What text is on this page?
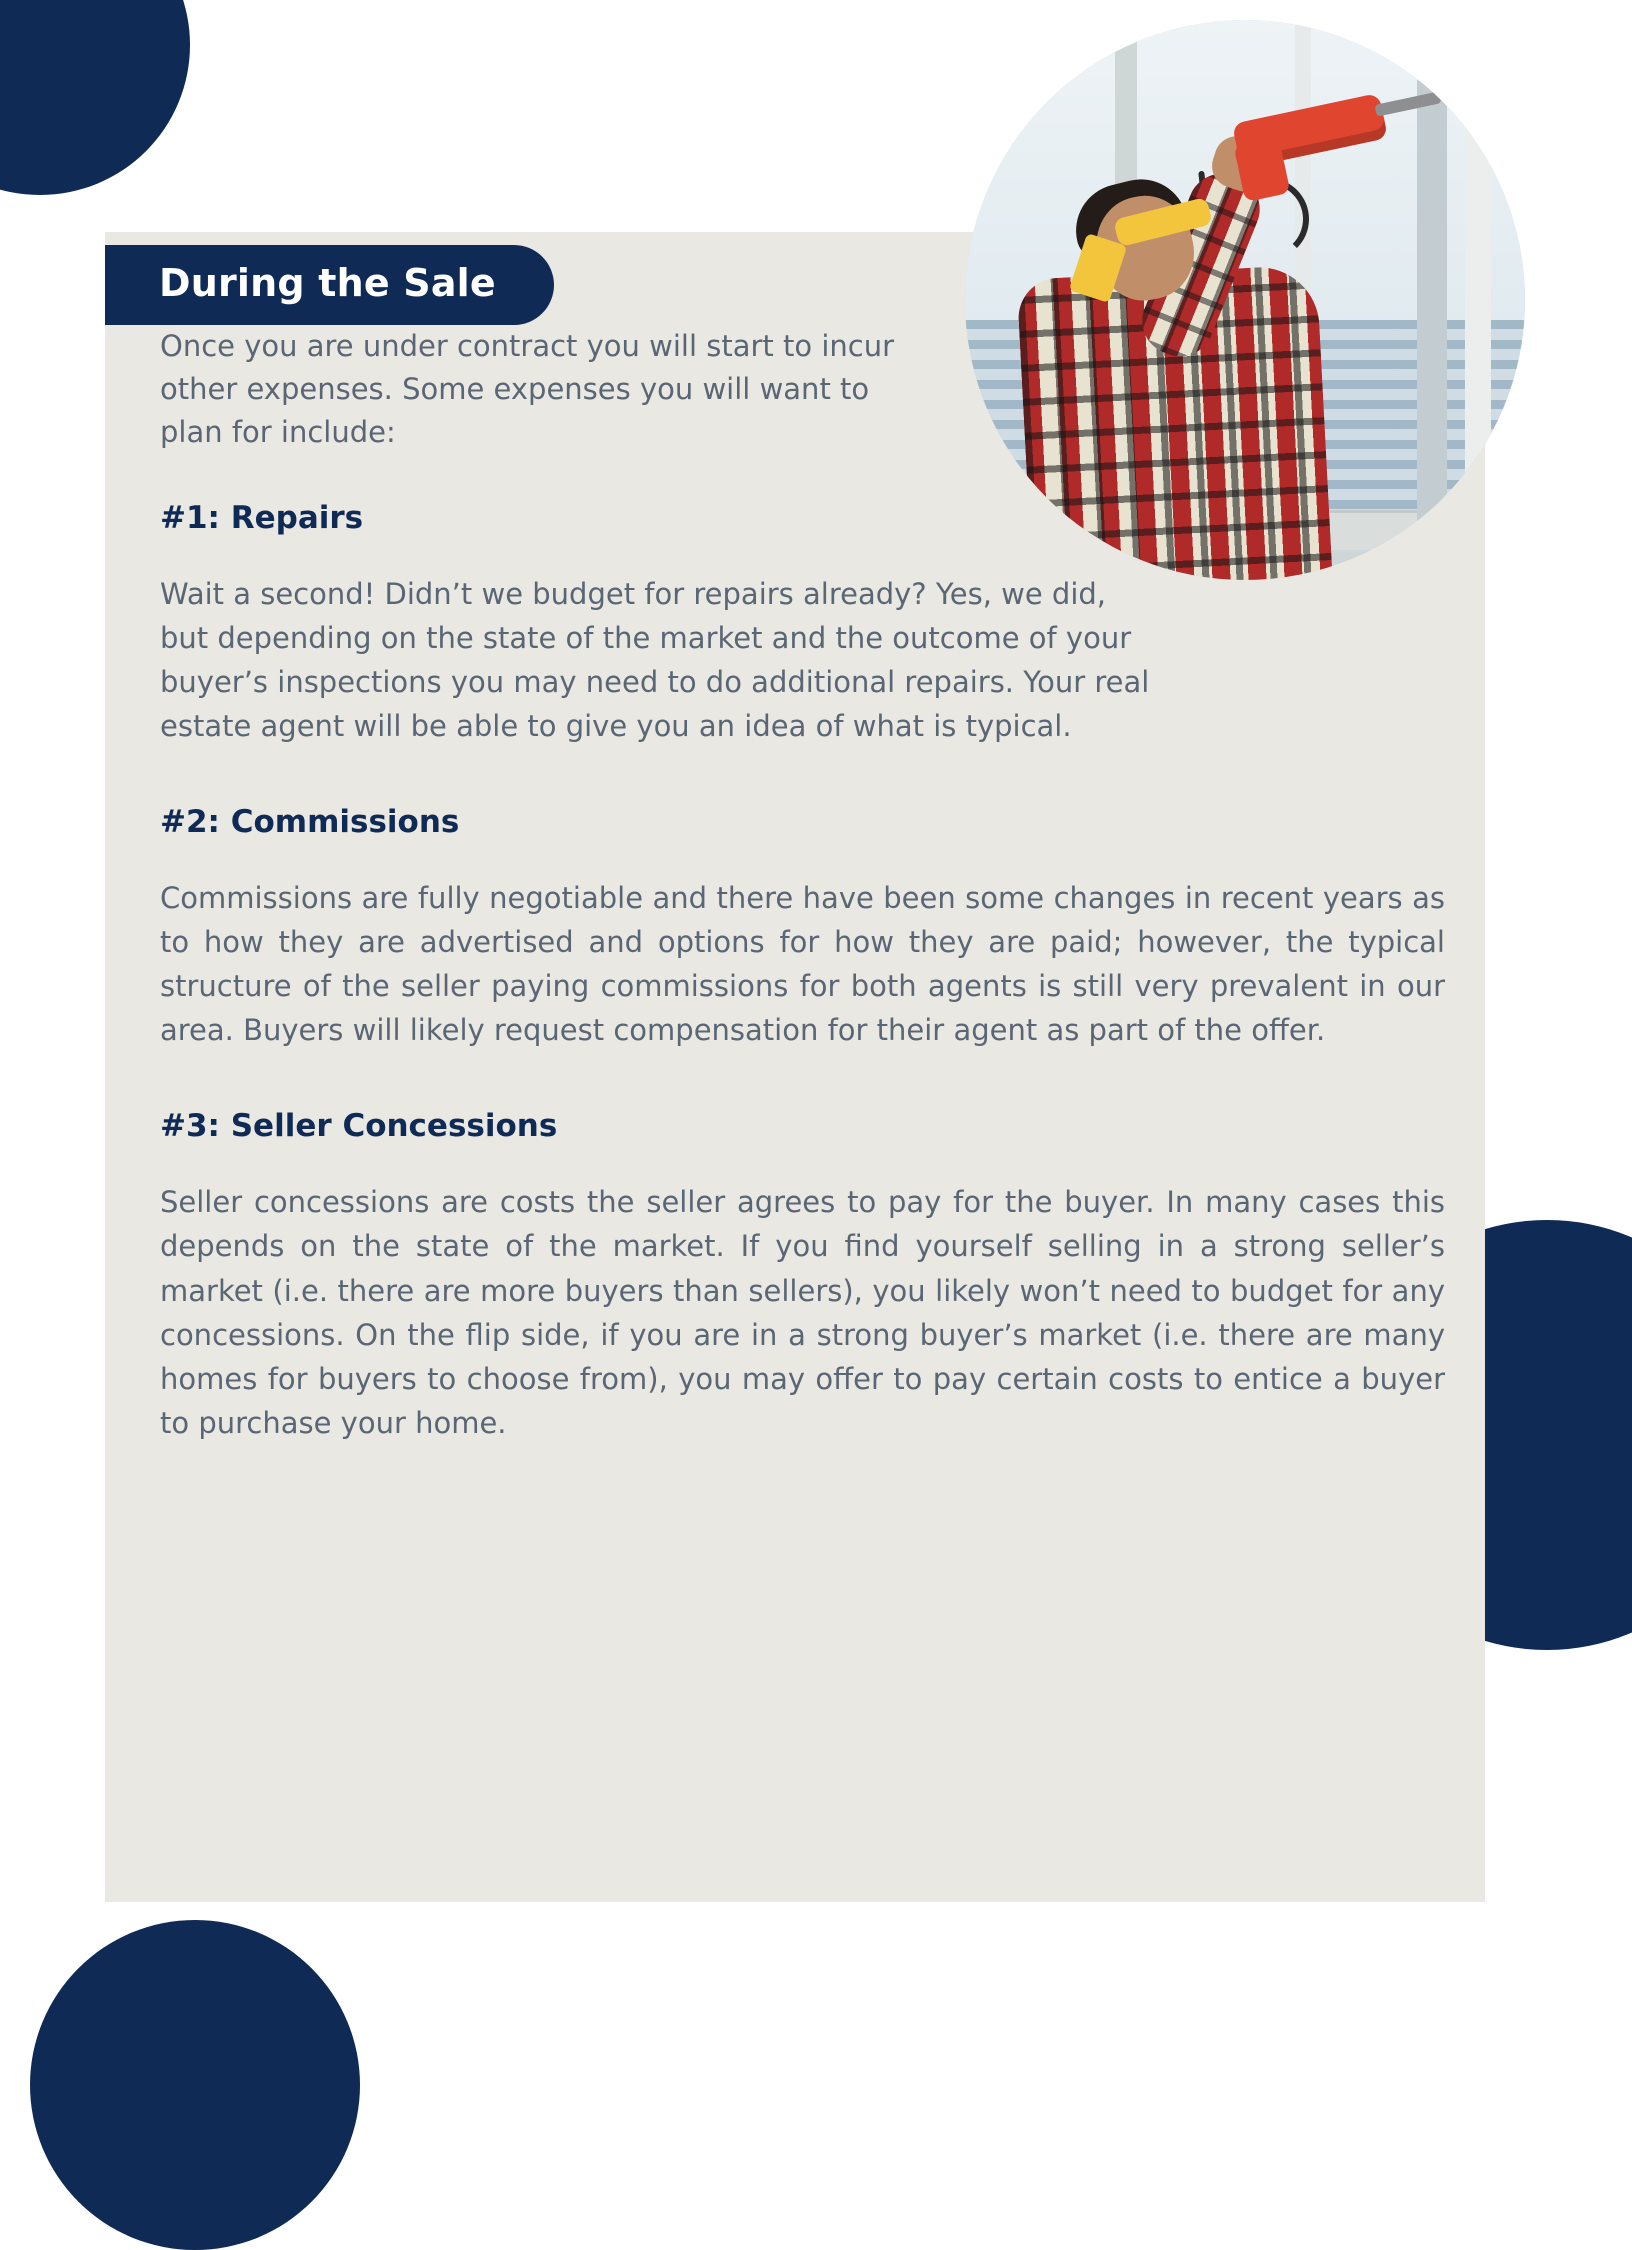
During the Sale

Once you are under contract you will start to incur other expenses. Some expenses you will want to plan for include:

#1: Repairs

Wait a second! Didn’t we budget for repairs already? Yes, we did, but depending on the state of the market and the outcome of your buyer’s inspections you may need to do additional repairs. Your real estate agent will be able to give you an idea of what is typical.

#2: Commissions

Commissions are fully negotiable and there have been some changes in recent years as to how they are advertised and options for how they are paid; however, the typical structure of the seller paying commissions for both agents is still very prevalent in our area. Buyers will likely request compensation for their agent as part of the offer.

#3: Seller Concessions

Seller concessions are costs the seller agrees to pay for the buyer. In many cases this depends on the state of the market. If you find yourself selling in a strong seller’s market (i.e. there are more buyers than sellers), you likely won’t need to budget for any concessions. On the flip side, if you are in a strong buyer’s market (i.e. there are many homes for buyers to choose from), you may offer to pay certain costs to entice a buyer to purchase your home.
